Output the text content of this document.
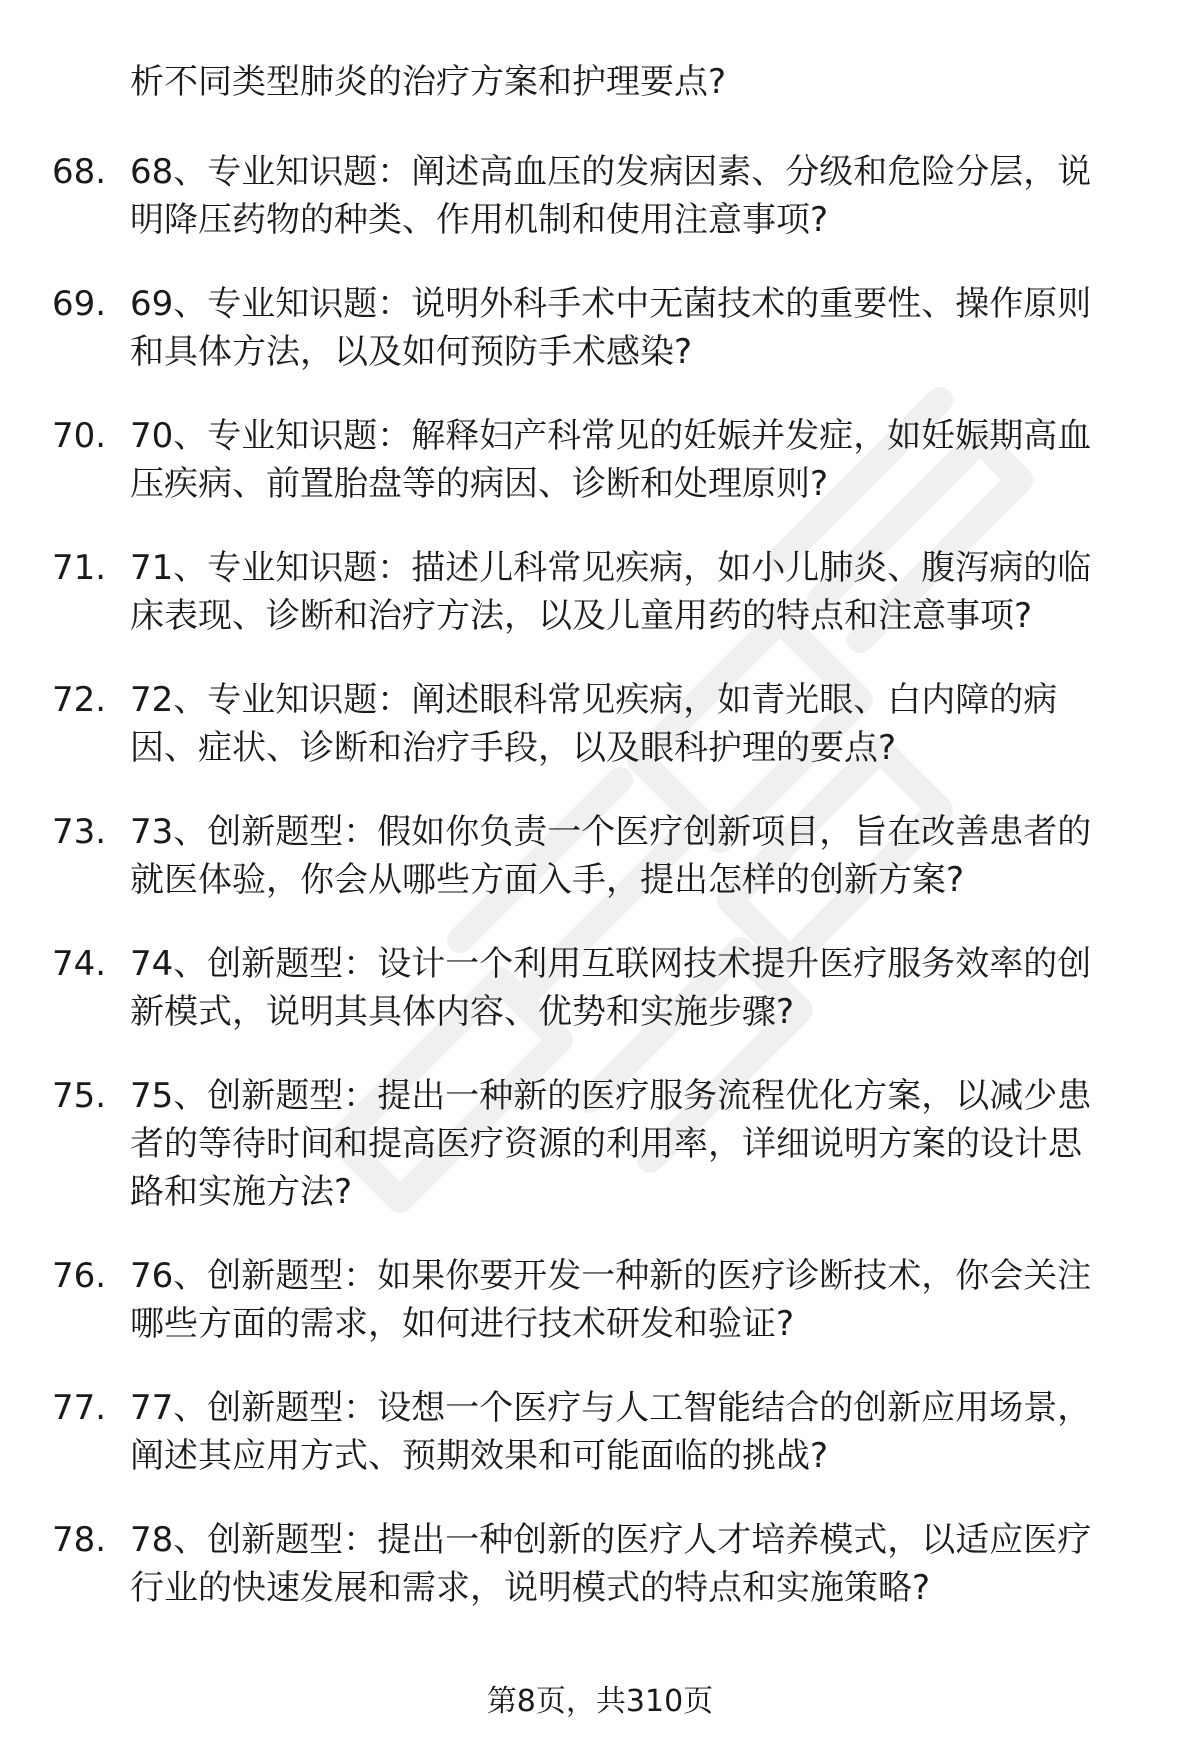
析不同类型肺炎的治疗方案和护理要点?

68. 68、专业知识题：阐述高血压的发病因素、分级和危险分层，说
明降压药物的种类、作用机制和使用注意事项?
69. 69、专业知识题：说明外科手术中无菌技术的重要性、操作原则
和具体方法，以及如何预防手术感染?
70. 70、专业知识题：解释妇产科常见的妊娠并发症，如妊娠期高血
压疾病、前置胎盘等的病因、诊断和处理原则?
71. 71、专业知识题：描述儿科常见疾病，如小儿肺炎、腹泻病的临
床表现、诊断和治疗方法，以及儿童用药的特点和注意事项?
72. 72、专业知识题：阐述眼科常见疾病，如青光眼、白内障的病
因、症状、诊断和治疗手段，以及眼科护理的要点?
73. 73、创新题型：假如你负责一个医疗创新项目，旨在改善患者的
就医体验，你会从哪些方面入手，提出怎样的创新方案?
74. 74、创新题型：设计一个利用互联网技术提升医疗服务效率的创
新模式，说明其具体内容、优势和实施步骤?
75. 75、创新题型：提出一种新的医疗服务流程优化方案，以减少患
者的等待时间和提高医疗资源的利用率，详细说明方案的设计思
路和实施方法?
76. 76、创新题型：如果你要开发一种新的医疗诊断技术，你会关注
哪些方面的需求，如何进行技术研发和验证?
77. 77、创新题型：设想一个医疗与人工智能结合的创新应用场景，
阐述其应用方式、预期效果和可能面临的挑战?
78. 78、创新题型：提出一种创新的医疗人才培养模式，以适应医疗
行业的快速发展和需求，说明模式的特点和实施策略?
第8页，共310页
